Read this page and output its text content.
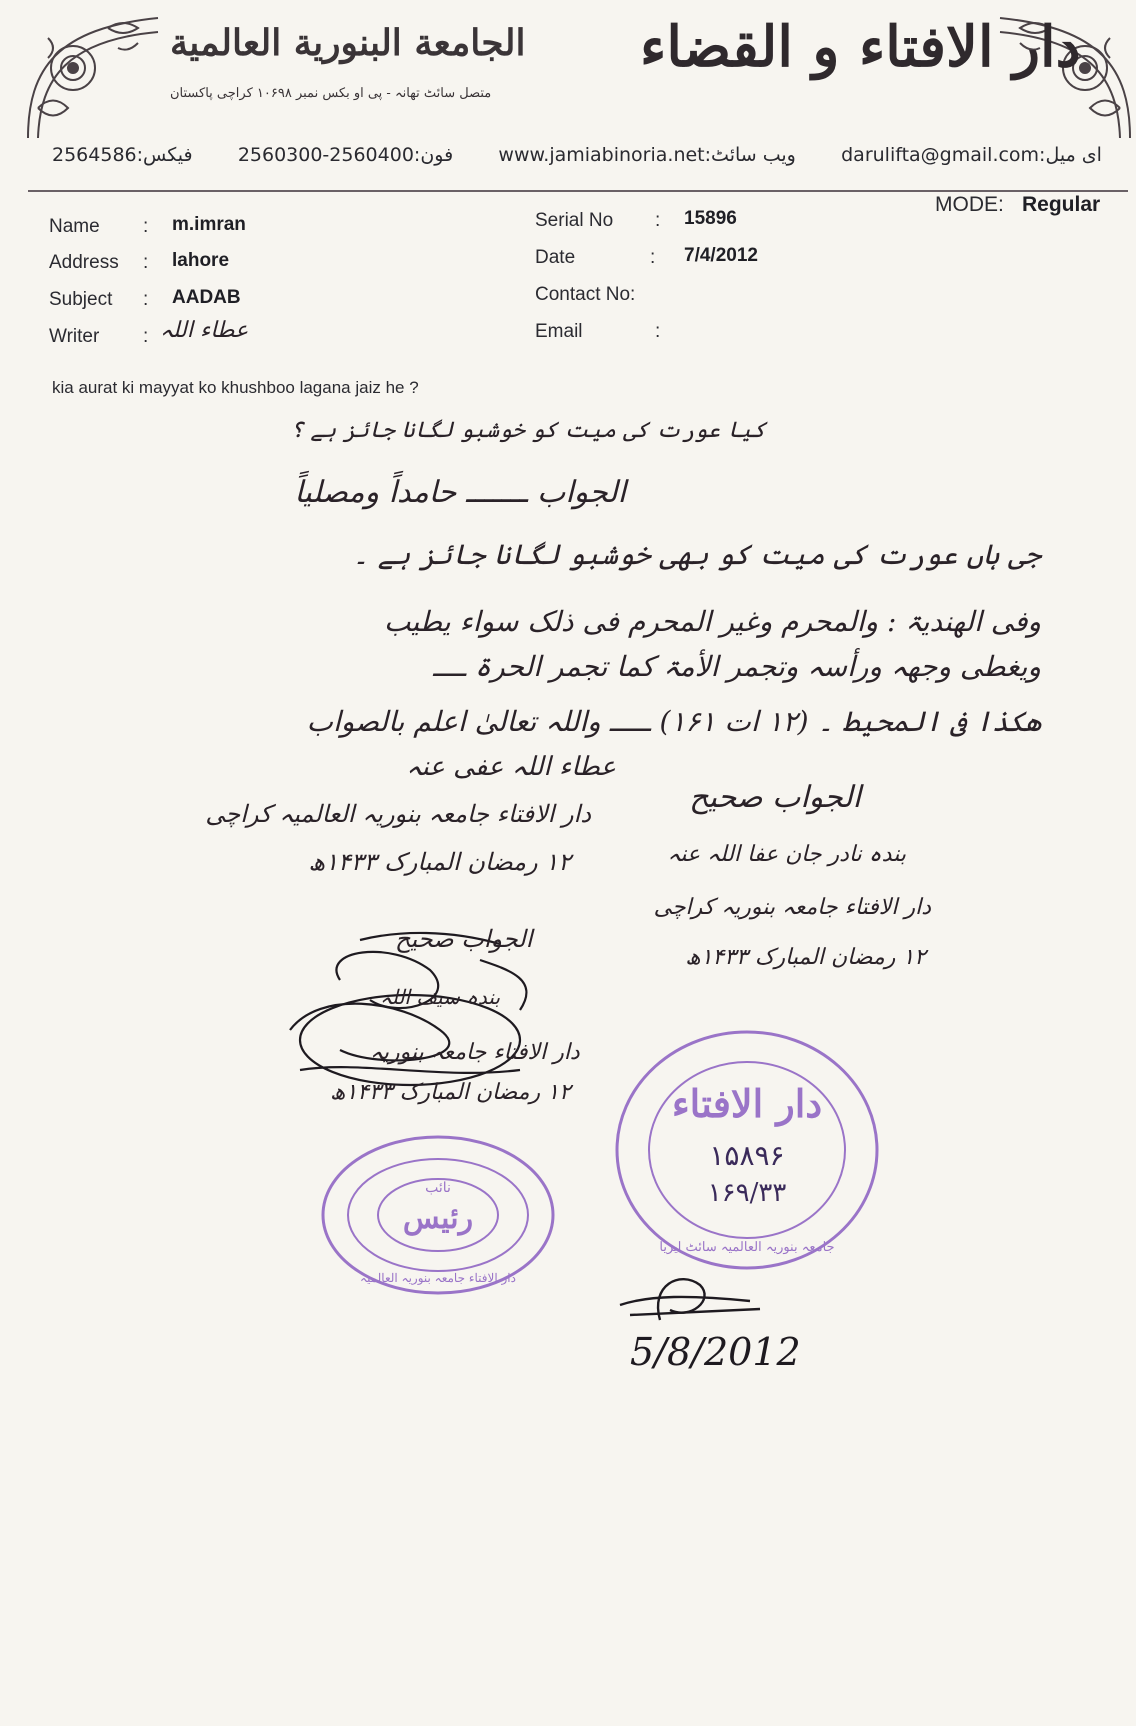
الجامعة البنورية العالمية
متصل سائٹ تھانہ - پی او بکس نمبر ۱۰۶۹۸ کراچی پاکستان
دار الافتاء و القضاء
2564586:فیکس 2560300-2560400:فون www.jamiabinoria.net:ویب سائٹ darulifta@gmail.com:ای میل
MODE: Regular
Name : m.imran
Address : lahore
Subject : AADAB
Writer : عطاء اللہ
Serial No : 15896
Date	: 7/4/2012
Contact No:
Email	:
kia aurat ki mayyat ko khushboo lagana jaiz he ?
کیا عورت کی میت کو خوشبو لگانا جائز ہے ؟
الجواب ـــــــ حامداً ومصلیاً
جی ہاں عورت کی میت کو بھی خوشبو لگانا جائز ہے ۔
وفی الھندیۃ : والمحرم وغیر المحرم فی ذلک سواء یطیب
ویغطی وجھہ ورأسہ وتجمر الأمۃ کما تجمر الحرۃ ــــ
ھکذا فی المحیط ۔ (۱۲ ات ۱۶۱) ـــــ واللہ تعالیٰ اعلم بالصواب
عطاء اللہ عفی عنہ
دار الافتاء جامعہ بنوریہ العالمیہ کراچی
۱۲ رمضان المبارک ۱۴۳۳ھ
الجواب صحیح
بندہ نادر جان عفا اللہ عنہ
دار الافتاء جامعہ بنوریہ کراچی
۱۲ رمضان المبارک ۱۴۳۳ھ
الجواب صحیح
بندہ سیف اللہ
دار الافتاء جامعہ بنوریہ
۱۲ رمضان المبارک ۱۴۳۳ھ
نائب
رئیس
دار الافتاء جامعہ بنوریہ العالمیہ
دار الافتاء
۱۵۸۹۶
۱۶۹/۳۳
جامعہ بنوریہ العالمیہ سائٹ ایریا
5/8/2012
